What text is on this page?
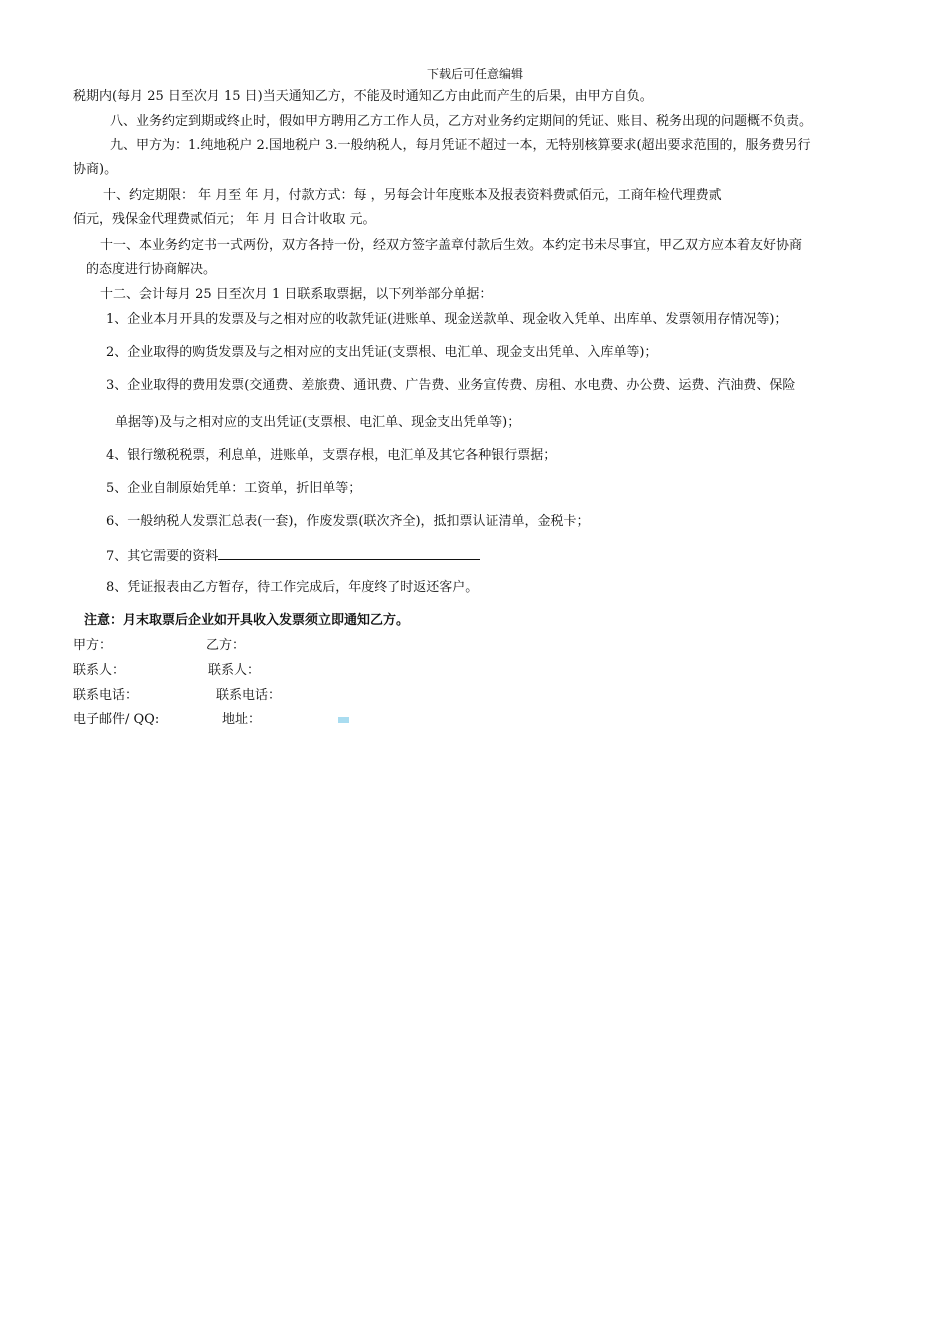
下载后可任意编辑
税期内(每月 25 日至次月 15 日)当天通知乙方，不能及时通知乙方由此而产生的后果，由甲方自负。
八、业务约定到期或终止时，假如甲方聘用乙方工作人员，乙方对业务约定期间的凭证、账目、税务出现的问题概不负责。
九、甲方为：1.纯地税户 2.国地税户 3.一般纳税人，每月凭证不超过一本，无特别核算要求(超出要求范围的，服务费另行
协商)。
十、约定期限： 年 月至 年 月，付款方式：每 ，另每会计年度账本及报表资料费贰佰元，工商年检代理费贰
佰元，残保金代理费贰佰元； 年 月 日合计收取 元。
十一、本业务约定书一式两份，双方各持一份，经双方签字盖章付款后生效。本约定书未尽事宜，甲乙双方应本着友好协商
的态度进行协商解决。
十二、会计每月 25 日至次月 1 日联系取票据，以下列举部分单据：
1、企业本月开具的发票及与之相对应的收款凭证(进账单、现金送款单、现金收入凭单、出库单、发票领用存情况等)；
2、企业取得的购货发票及与之相对应的支出凭证(支票根、电汇单、现金支出凭单、入库单等)；
3、企业取得的费用发票(交通费、差旅费、通讯费、广告费、业务宣传费、房租、水电费、办公费、运费、汽油费、保险
单据等)及与之相对应的支出凭证(支票根、电汇单、现金支出凭单等)；
4、银行缴税税票，利息单，进账单，支票存根，电汇单及其它各种银行票据；
5、企业自制原始凭单：工资单，折旧单等；
6、一般纳税人发票汇总表(一套)，作废发票(联次齐全)，抵扣票认证清单，金税卡；
7、其它需要的资料
8、凭证报表由乙方暂存，待工作完成后，年度终了时返还客户。
注意：月末取票后企业如开具收入发票须立即通知乙方。
甲方：	乙方：
联系人：	联系人：
联系电话：	联系电话：
电子邮件/ QQ:	地址：
